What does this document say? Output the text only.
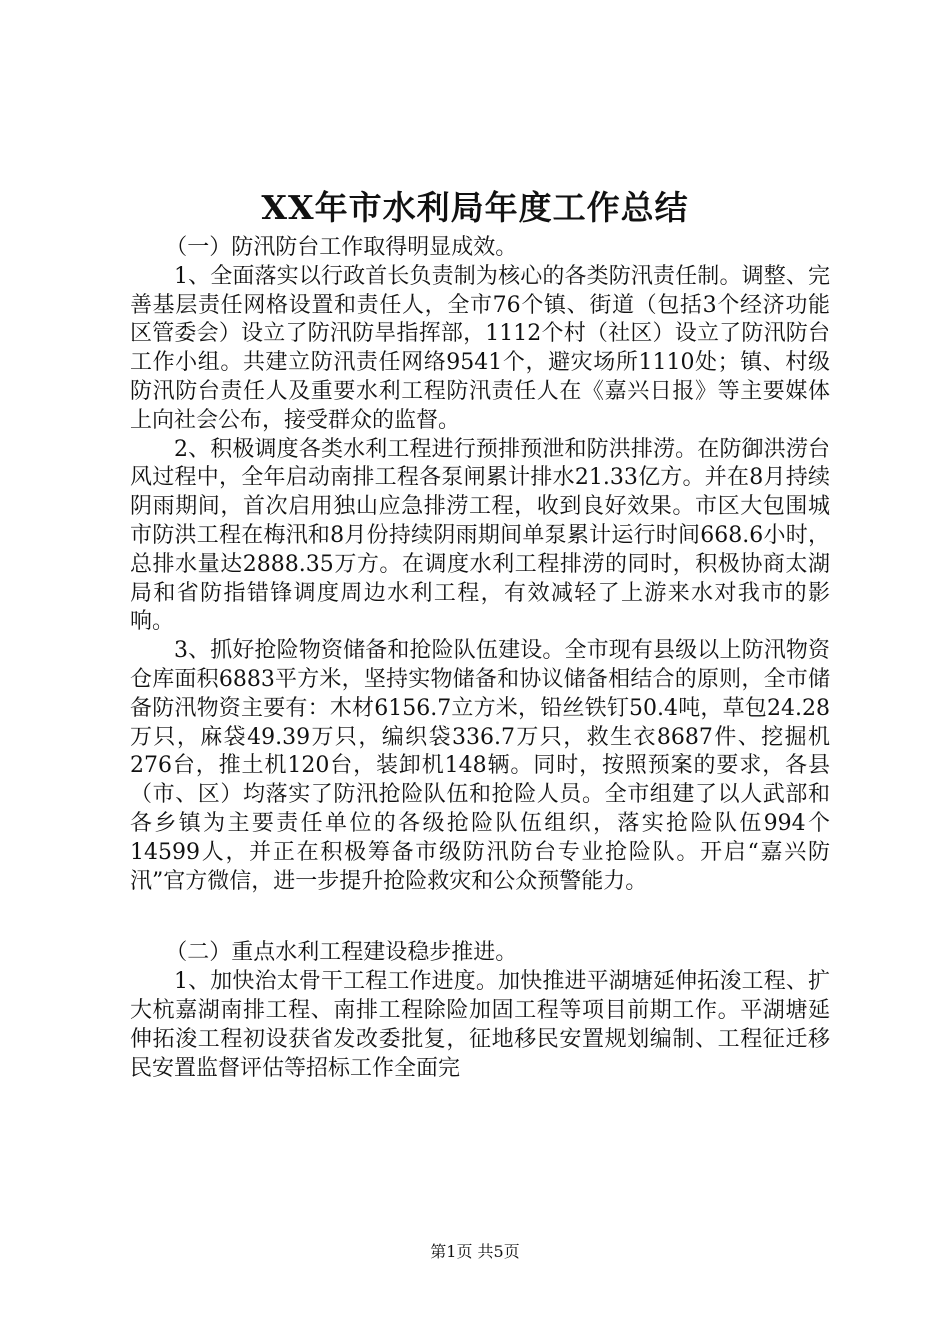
XX年市水利局年度工作总结

（一）防汛防台工作取得明显成效。

1、全面落实以行政首长负责制为核心的各类防汛责任制。调整、完善基层责任网格设置和责任人，全市76个镇、街道（包括3个经济功能区管委会）设立了防汛防旱指挥部，1112个村（社区）设立了防汛防台工作小组。共建立防汛责任网络9541个，避灾场所1110处；镇、村级防汛防台责任人及重要水利工程防汛责任人在《嘉兴日报》等主要媒体上向社会公布，接受群众的监督。

2、积极调度各类水利工程进行预排预泄和防洪排涝。在防御洪涝台风过程中，全年启动南排工程各泵闸累计排水21.33亿方。并在8月持续阴雨期间，首次启用独山应急排涝工程，收到良好效果。市区大包围城市防洪工程在梅汛和8月份持续阴雨期间单泵累计运行时间668.6小时，总排水量达2888.35万方。在调度水利工程排涝的同时，积极协商太湖局和省防指错锋调度周边水利工程，有效减轻了上游来水对我市的影响。

3、抓好抢险物资储备和抢险队伍建设。全市现有县级以上防汛物资仓库面积6883平方米，坚持实物储备和协议储备相结合的原则，全市储备防汛物资主要有：木材6156.7立方米，铅丝铁钉50.4吨，草包24.28万只，麻袋49.39万只，编织袋336.7万只，救生衣8687件、挖掘机276台，推土机120台，装卸机148辆。同时，按照预案的要求，各县（市、区）均落实了防汛抢险队伍和抢险人员。全市组建了以人武部和各乡镇为主要责任单位的各级抢险队伍组织，落实抢险队伍994个14599人，并正在积极筹备市级防汛防台专业抢险队。开启“嘉兴防汛”官方微信，进一步提升抢险救灾和公众预警能力。

（二）重点水利工程建设稳步推进。

1、加快治太骨干工程工作进度。加快推进平湖塘延伸拓浚工程、扩大杭嘉湖南排工程、南排工程除险加固工程等项目前期工作。平湖塘延伸拓浚工程初设获省发改委批复，征地移民安置规划编制、工程征迁移民安置监督评估等招标工作全面完

第1页 共5页
